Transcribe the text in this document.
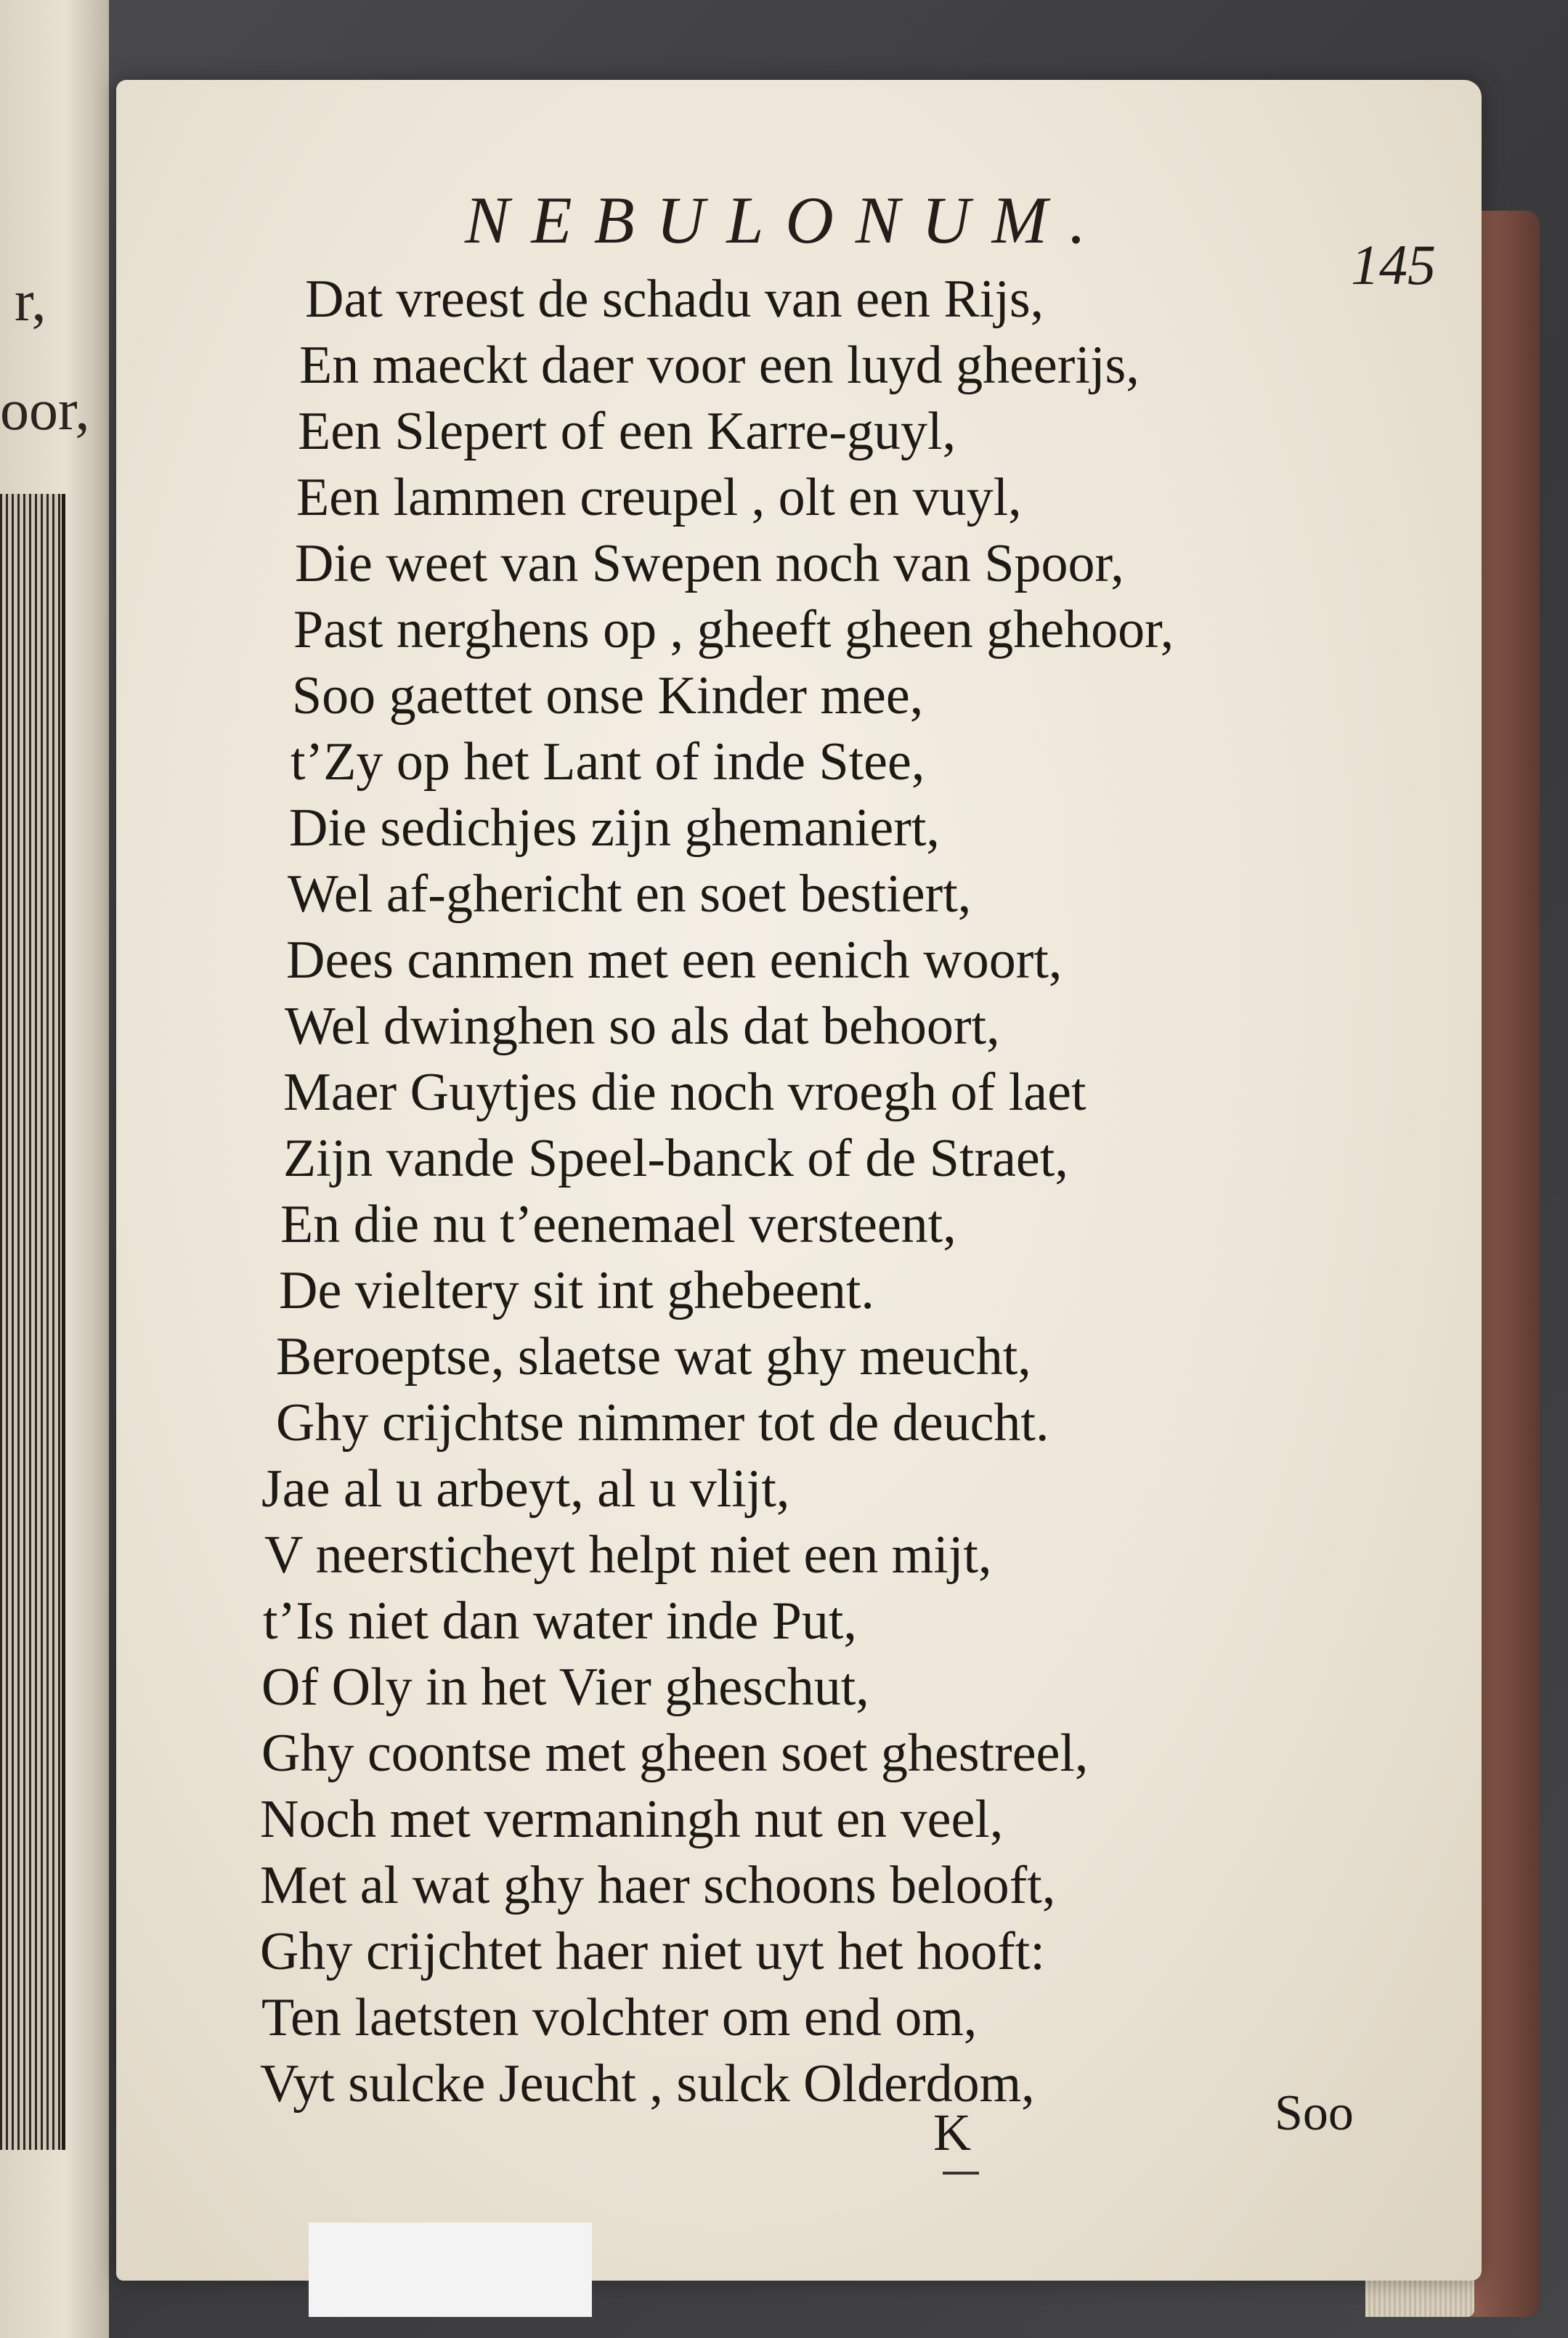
r,
oor,
NEBULONUM.
145
Dat vreest de schadu van een Rijs,
En maeckt daer voor een luyd gheerijs,
Een Slepert of een Karre-guyl,
Een lammen creupel , olt en vuyl,
Die weet van Swepen noch van Spoor,
Past nerghens op , gheeft gheen ghehoor,
Soo gaettet onse Kinder mee,
t’Zy op het Lant of inde Stee,
Die sedichjes zijn ghemaniert,
Wel af-ghericht en soet bestiert,
Dees canmen met een eenich woort,
Wel dwinghen so als dat behoort,
Maer Guytjes die noch vroegh of laet
Zijn vande Speel-banck of de Straet,
En die nu t’eenemael versteent,
De vieltery sit int ghebeent.
Beroeptse, slaetse wat ghy meucht,
Ghy crijchtse nimmer tot de deucht.
Jae al u arbeyt, al u vlijt,
V neersticheyt helpt niet een mijt,
t’Is niet dan water inde Put,
Of Oly in het Vier gheschut,
Ghy coontse met gheen soet ghestreel,
Noch met vermaningh nut en veel,
Met al wat ghy haer schoons belooft,
Ghy crijchtet haer niet uyt het hooft:
Ten laetsten volchter om end om,
Vyt sulcke Jeucht , sulck Olderdom,
K	Soo
